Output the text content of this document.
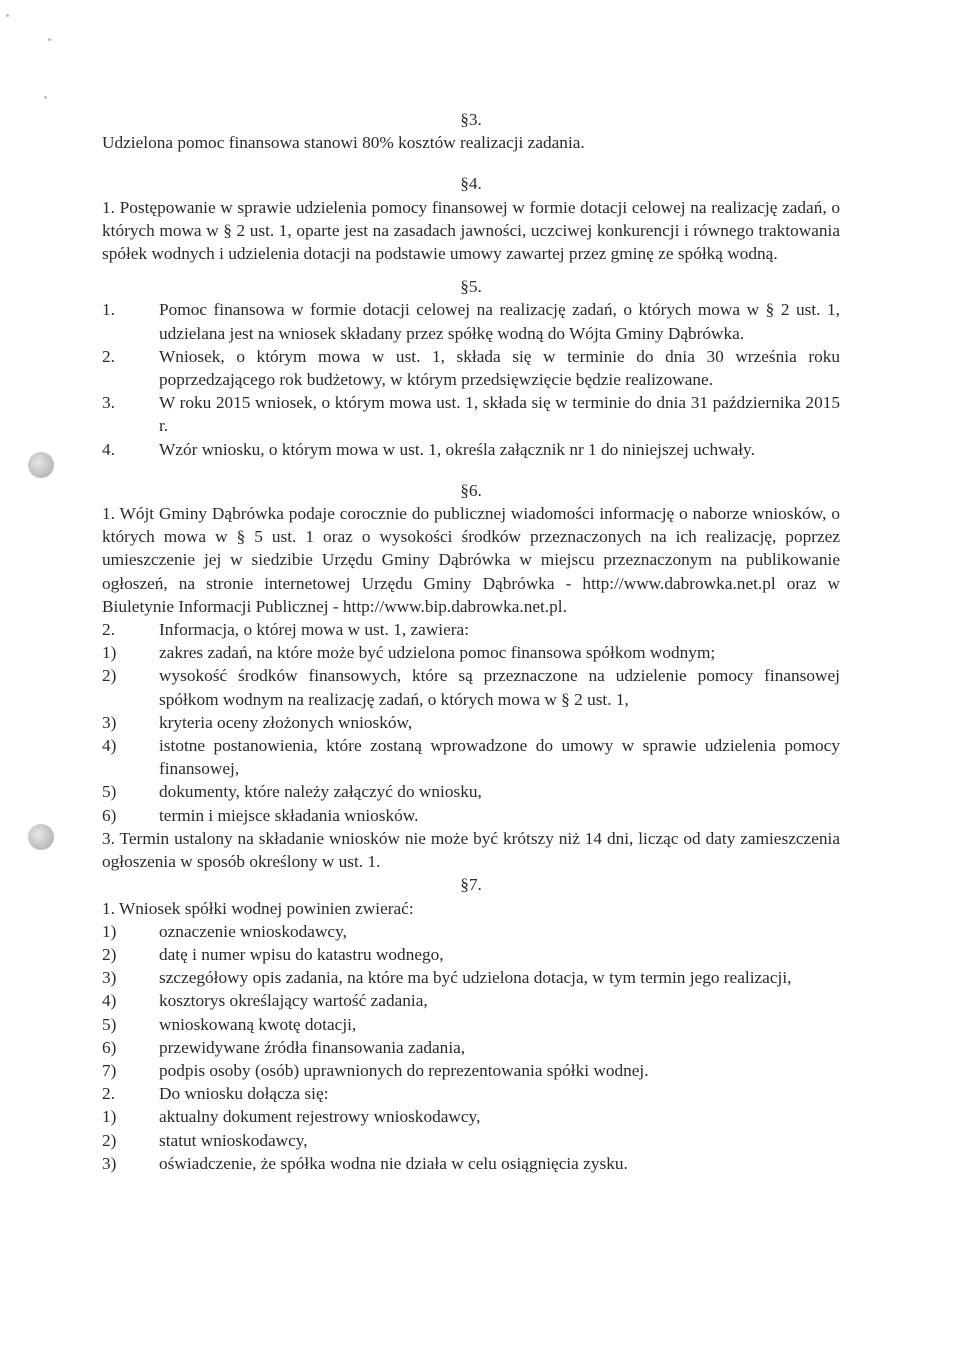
§3.

Udzielona pomoc finansowa stanowi 80% kosztów realizacji zadania.

§4.

1. Postępowanie w sprawie udzielenia pomocy finansowej w formie dotacji celowej na realizację zadań, o których mowa w § 2 ust. 1, oparte jest na zasadach jawności, uczciwej konkurencji i równego traktowania spółek wodnych i udzielenia dotacji na podstawie umowy zawartej przez gminę ze spółką wodną.

§5.

1.	Pomoc finansowa w formie dotacji celowej na realizację zadań, o których mowa w § 2 ust. 1, udzielana jest na wniosek składany przez spółkę wodną do Wójta Gminy Dąbrówka.
2.	Wniosek, o którym mowa w ust. 1, składa się w terminie do dnia 30 września roku poprzedzającego rok budżetowy, w którym przedsięwzięcie będzie realizowane.
3.	W roku 2015 wniosek, o którym mowa ust. 1, składa się w terminie do dnia 31 października 2015 r.
4.	Wzór wniosku, o którym mowa w ust. 1, określa załącznik nr 1 do niniejszej uchwały.

§6.

1. Wójt Gminy Dąbrówka podaje corocznie do publicznej wiadomości informację o naborze wniosków, o których mowa w § 5 ust. 1 oraz o wysokości środków przeznaczonych na ich realizację, poprzez umieszczenie jej w siedzibie Urzędu Gminy Dąbrówka w miejscu przeznaczonym na publikowanie ogłoszeń, na stronie internetowej Urzędu Gminy Dąbrówka - http://www.dabrowka.net.pl oraz w Biuletynie Informacji Publicznej - http://www.bip.dabrowka.net.pl.

2.	Informacja, o której mowa w ust. 1, zawiera:
1)	zakres zadań, na które może być udzielona pomoc finansowa spółkom wodnym;
2)	wysokość środków finansowych, które są przeznaczone na udzielenie pomocy finansowej spółkom wodnym na realizację zadań, o których mowa w § 2 ust. 1,
3)	kryteria oceny złożonych wniosków,
4)	istotne postanowienia, które zostaną wprowadzone do umowy w sprawie udzielenia pomocy finansowej,
5)	dokumenty, które należy załączyć do wniosku,
6)	termin i miejsce składania wniosków.

3. Termin ustalony na składanie wniosków nie może być krótszy niż 14 dni, licząc od daty zamieszczenia ogłoszenia w sposób określony w ust. 1.

§7.

1. Wniosek spółki wodnej powinien zwierać:

1)	oznaczenie wnioskodawcy,
2)	datę i numer wpisu do katastru wodnego,
3)	szczegółowy opis zadania, na które ma być udzielona dotacja, w tym termin jego realizacji,
4)	kosztorys określający wartość zadania,
5)	wnioskowaną kwotę dotacji,
6)	przewidywane źródła finansowania zadania,
7)	podpis osoby (osób) uprawnionych do reprezentowania spółki wodnej.
2.	Do wniosku dołącza się:
1)	aktualny dokument rejestrowy wnioskodawcy,
2)	statut wnioskodawcy,
3)	oświadczenie, że spółka wodna nie działa w celu osiągnięcia zysku.
